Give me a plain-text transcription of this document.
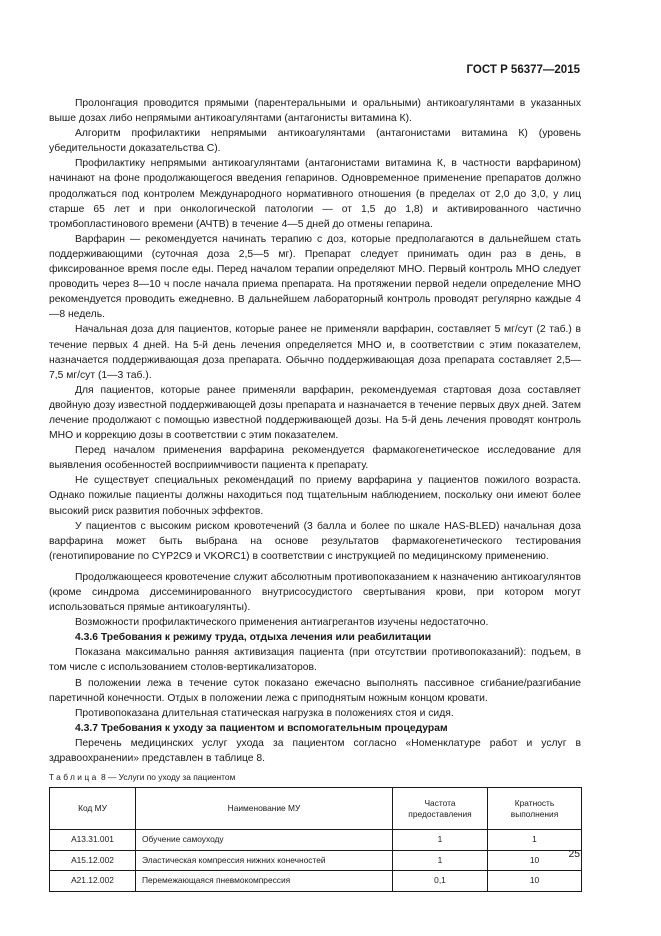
ГОСТ Р 56377—2015

Пролонгация проводится прямыми (парентеральными и оральными) антикоагулянтами в указанных выше дозах либо непрямыми антикоагулянтами (антагонисты витамина К).

Алгоритм профилактики непрямыми антикоагулянтами (антагонистами витамина К) (уровень убедительности доказательства С).

Профилактику непрямыми антикоагулянтами (антагонистами витамина К, в частности варфарином) начинают на фоне продолжающегося введения гепаринов. Одновременное применение препаратов должно продолжаться под контролем Международного нормативного отношения (в пределах от 2,0 до 3,0, у лиц старше 65 лет и при онкологической патологии — от 1,5 до 1,8) и активированного частично тромбопластинового времени (АЧТВ) в течение 4—5 дней до отмены гепарина.

Варфарин — рекомендуется начинать терапию с доз, которые предполагаются в дальнейшем стать поддерживающими (суточная доза 2,5—5 мг). Препарат следует принимать один раз в день, в фиксированное время после еды. Перед началом терапии определяют МНО. Первый контроль МНО следует проводить через 8—10 ч после начала приема препарата. На протяжении первой недели определение МНО рекомендуется проводить ежедневно. В дальнейшем лабораторный контроль проводят регулярно каждые 4—8 недель.

Начальная доза для пациентов, которые ранее не применяли варфарин, составляет 5 мг/сут (2 таб.) в течение первых 4 дней. На 5-й день лечения определяется МНО и, в соответствии с этим показателем, назначается поддерживающая доза препарата. Обычно поддерживающая доза препарата составляет 2,5—7,5 мг/сут (1—3 таб.).

Для пациентов, которые ранее применяли варфарин, рекомендуемая стартовая доза составляет двойную дозу известной поддерживающей дозы препарата и назначается в течение первых двух дней. Затем лечение продолжают с помощью известной поддерживающей дозы. На 5-й день лечения проводят контроль МНО и коррекцию дозы в соответствии с этим показателем.

Перед началом применения варфарина рекомендуется фармакогенетическое исследование для выявления особенностей восприимчивости пациента к препарату.

Не существует специальных рекомендаций по приему варфарина у пациентов пожилого возраста. Однако пожилые пациенты должны находиться под тщательным наблюдением, поскольку они имеют более высокий риск развития побочных эффектов.

У пациентов с высоким риском кровотечений (3 балла и более по шкале HAS-BLED) начальная доза варфарина может быть выбрана на основе результатов фармакогенетического тестирования (генотипирование по CYP2C9 и VKORC1) в соответствии с инструкцией по медицинскому применению.

Продолжающееся кровотечение служит абсолютным противопоказанием к назначению антикоагулянтов (кроме синдрома диссеминированного внутрисосудистого свертывания крови, при котором могут использоваться прямые антикоагулянты).

Возможности профилактического применения антиагрегантов изучены недостаточно.

4.3.6 Требования к режиму труда, отдыха лечения или реабилитации

Показана максимально ранняя активизация пациента (при отсутствии противопоказаний): подъем, в том числе с использованием столов-вертикализаторов.

В положении лежа в течение суток показано ежечасно выполнять пассивное сгибание/разгибание паретичной конечности. Отдых в положении лежа с приподнятым ножным концом кровати.

Противопоказана длительная статическая нагрузка в положениях стоя и сидя.

4.3.7 Требования к уходу за пациентом и вспомогательным процедурам

Перечень медицинских услуг ухода за пациентом согласно «Номенклатуре работ и услуг в здравоохранении» представлен в таблице 8.

Таблица 8 — Услуги по уходу за пациентом
Код МУ	Наименование МУ	Частота предоставления	Кратность выполнения
A13.31.001	Обучение самоуходу	1	1
A15.12.002	Эластическая компрессия нижних конечностей	1	10
A21.12.002	Перемежающаяся пневмокомпрессия	0,1	10
25
